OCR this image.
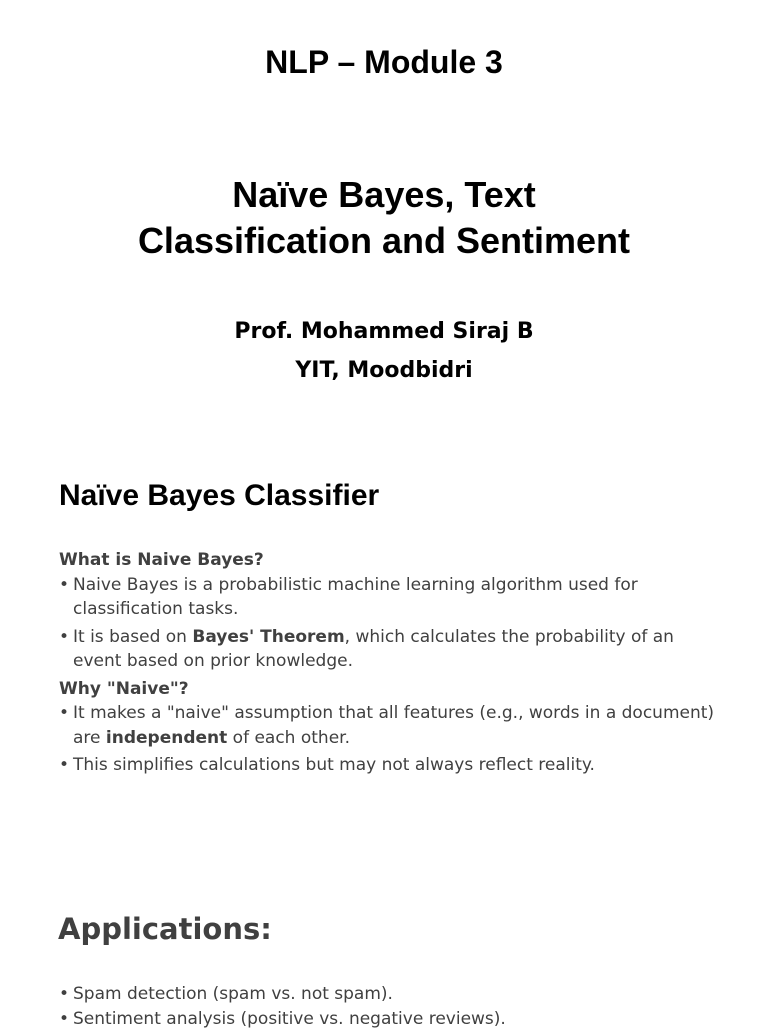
NLP – Module 3
Naïve Bayes, Text
Classification and Sentiment
Prof. Mohammed Siraj B
YIT, Moodbidri
Naïve Bayes Classifier

What is Naive Bayes?

• Naive Bayes is a probabilistic machine learning algorithm used for classification tasks.
• It is based on Bayes' Theorem, which calculates the probability of an event based on prior knowledge.

Why "Naive"?

• It makes a "naive" assumption that all features (e.g., words in a document) are independent of each other.
• This simplifies calculations but may not always reflect reality.
Applications:
• Spam detection (spam vs. not spam).
• Sentiment analysis (positive vs. negative reviews).
